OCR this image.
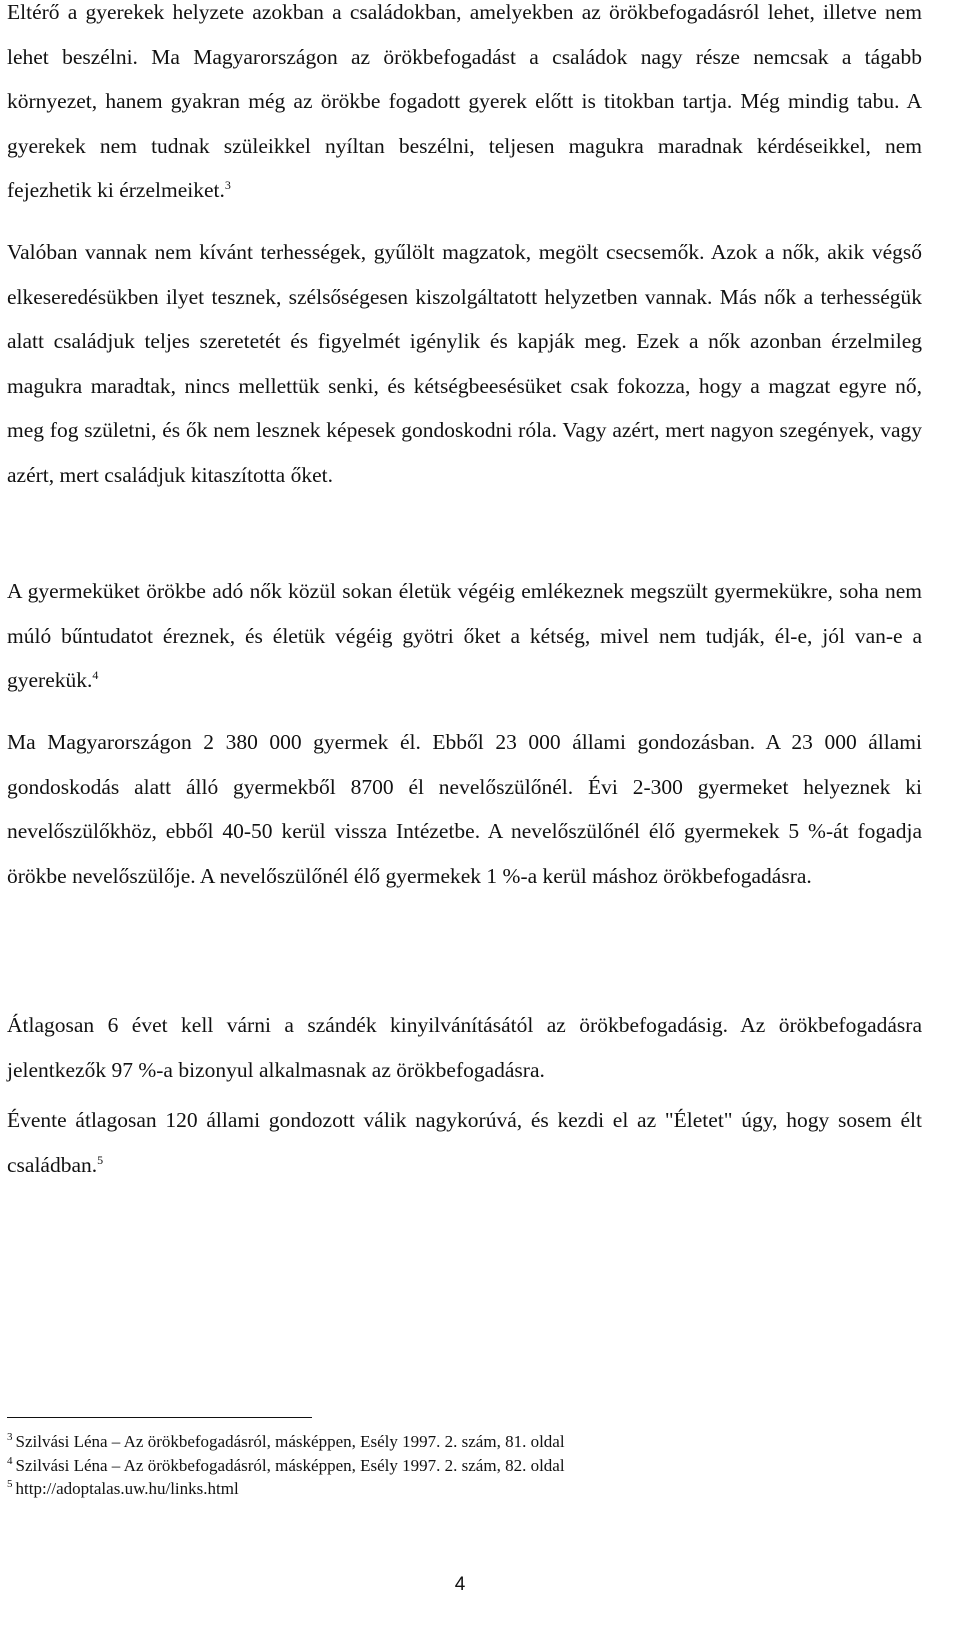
Eltérő a gyerekek helyzete azokban a családokban, amelyekben az örökbefogadásról lehet, illetve nem lehet beszélni. Ma Magyarországon az örökbefogadást a családok nagy része nemcsak a tágabb környezet, hanem gyakran még az örökbe fogadott gyerek előtt is titokban tartja. Még mindig tabu. A gyerekek nem tudnak szüleikkel nyíltan beszélni, teljesen magukra maradnak kérdéseikkel, nem fejezhetik ki érzelmeiket.$^3$

Valóban vannak nem kívánt terhességek, gyűlölt magzatok, megölt csecsemők. Azok a nők, akik végső elkeseredésükben ilyet tesznek, szélsőségesen kiszolgáltatott helyzetben vannak. Más nők a terhességük alatt családjuk teljes szeretetét és figyelmét igénylik és kapják meg. Ezek a nők azonban érzelmileg magukra maradtak, nincs mellettük senki, és kétségbeesésüket csak fokozza, hogy a magzat egyre nő, meg fog születni, és ők nem lesznek képesek gondoskodni róla. Vagy azért, mert nagyon szegények, vagy azért, mert családjuk kitaszította őket.

A gyermeküket örökbe adó nők közül sokan életük végéig emlékeznek megszült gyermekükre, soha nem múló bűntudatot éreznek, és életük végéig gyötri őket a kétség, mivel nem tudják, él-e, jól van-e a gyerekük.$^4$

Ma Magyarországon 2 380 000 gyermek él. Ebből 23 000 állami gondozásban. A 23 000 állami gondoskodás alatt álló gyermekből 8700 él nevelőszülőnél. Évi 2-300 gyermeket helyeznek ki nevelőszülőkhöz, ebből 40-50 kerül vissza Intézetbe. A nevelőszülőnél élő gyermekek 5 %-át fogadja örökbe nevelőszülője. A nevelőszülőnél élő gyermekek 1 %-a kerül máshoz örökbefogadásra.

Átlagosan 6 évet kell várni a szándék kinyilvánításától az örökbefogadásig. Az örökbefogadásra jelentkezők 97 %-a bizonyul alkalmasnak az örökbefogadásra.

Évente átlagosan 120 állami gondozott válik nagykorúvá, és kezdi el az "Életet" úgy, hogy sosem élt családban.$^5$

$^3$ Szilvási Léna – Az örökbefogadásról, másképpen, Esély 1997. 2. szám, 81. oldal
$^4$ Szilvási Léna – Az örökbefogadásról, másképpen, Esély 1997. 2. szám, 82. oldal
$^5$ http://adoptalas.uw.hu/links.html
4
